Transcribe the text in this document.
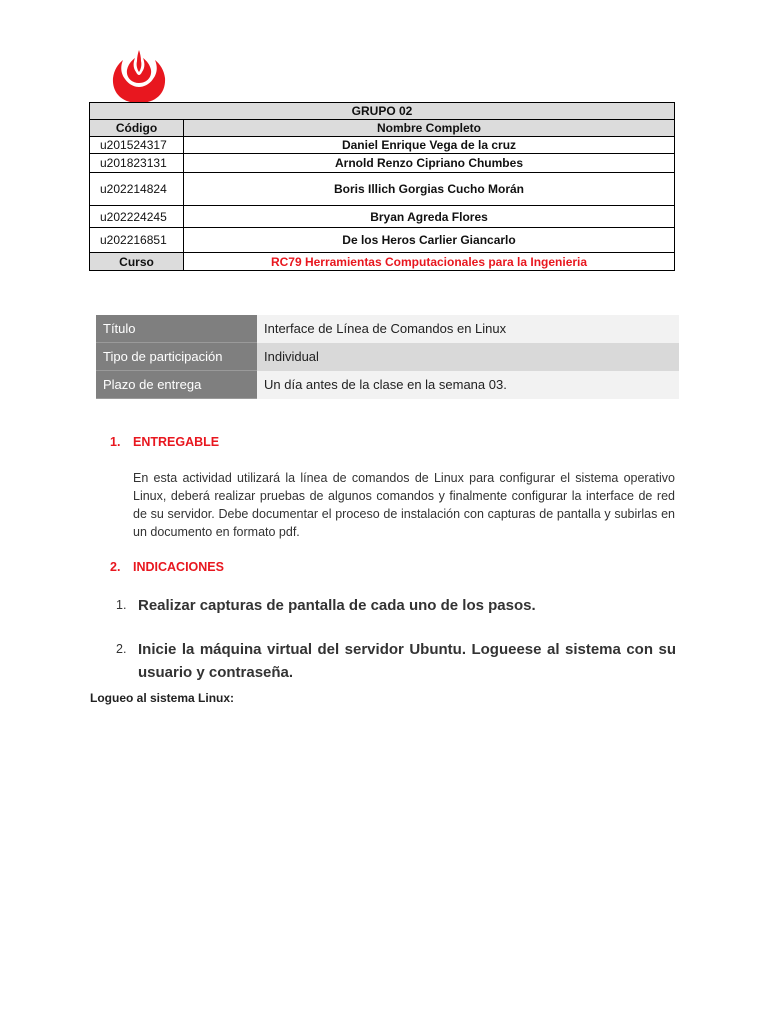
GRUPO 02	
Código	Nombre Completo
u201524317	Daniel Enrique Vega de la cruz
u201823131	Arnold Renzo Cipriano Chumbes
u202214824	Boris Illich Gorgias Cucho Morán
u202224245	Bryan Agreda Flores
u202216851	De los Heros Carlier Giancarlo
Curso	RC79 Herramientas Computacionales para la Ingenieria
Título	Interface de Línea de Comandos en Linux
Tipo de participación	Individual
Plazo de entrega	Un día antes de la clase en la semana 03.
1. ENTREGABLE
En esta actividad utilizará la línea de comandos de Linux para configurar el sistema operativo Linux, deberá realizar pruebas de algunos comandos y finalmente configurar la interface de red de su servidor. Debe documentar el proceso de instalación con capturas de pantalla y subirlas en un documento en formato pdf.
2. INDICACIONES
1. Realizar capturas de pantalla de cada uno de los pasos.
2. Inicie la máquina virtual del servidor Ubuntu. Logueese al sistema con su usuario y contraseña.
Logueo al sistema Linux:
